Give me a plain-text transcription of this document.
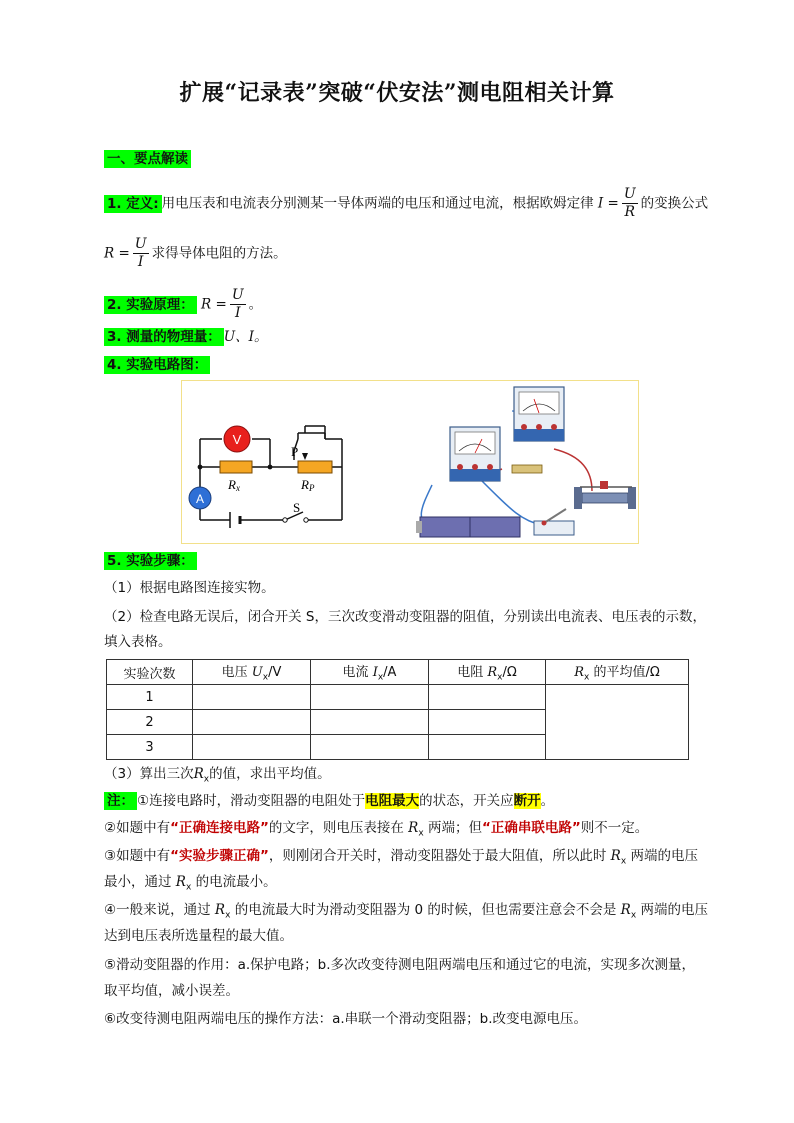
扩展“记录表”突破“伏安法”测电阻相关计算
一、要点解读
1. 定义: 用电压表和电流表分别测某一导体两端的电压和通过电流，根据欧姆定律 $I = \frac{U}{R}$ 的变换公式
$R = \frac{U}{I}$ 求得导体电阻的方法。
2. 实验原理： $R = \frac{U}{I}$ 。
3. 测量的物理量： U、I。
4. 实验电路图：
V
A
P
Rx	RP
S
5. 实验步骤：
（1）根据电路图连接实物。
（2）检查电路无误后，闭合开关 S，三次改变滑动变阻器的阻值，分别读出电流表、电压表的示数，
填入表格。
实验次数	电压 $U_x/V$	电流 $I_x/A$	电阻 $R_x/\Omega$	$R_x$ 的平均值/Ω
1				
2				
3				
（3）算出三次$R_x$的值，求出平均值。
注： ①连接电路时，滑动变阻器的电阻处于电阻最大的状态，开关应断开。
②如题中有“正确连接电路”的文字，则电压表接在 $R_x$ 两端；但“正确串联电路”则不一定。
③如题中有“实验步骤正确”，则刚闭合开关时，滑动变阻器处于最大阻值，所以此时 $R_x$ 两端的电压
最小，通过 $R_x$ 的电流最小。
④一般来说，通过 $R_x$ 的电流最大时为滑动变阻器为 0 的时候，但也需要注意会不会是 $R_x$ 两端的电压
达到电压表所选量程的最大值。
⑤滑动变阻器的作用：a.保护电路；b.多次改变待测电阻两端电压和通过它的电流，实现多次测量，
取平均值，减小误差。
⑥改变待测电阻两端电压的操作方法：a.串联一个滑动变阻器；b.改变电源电压。
